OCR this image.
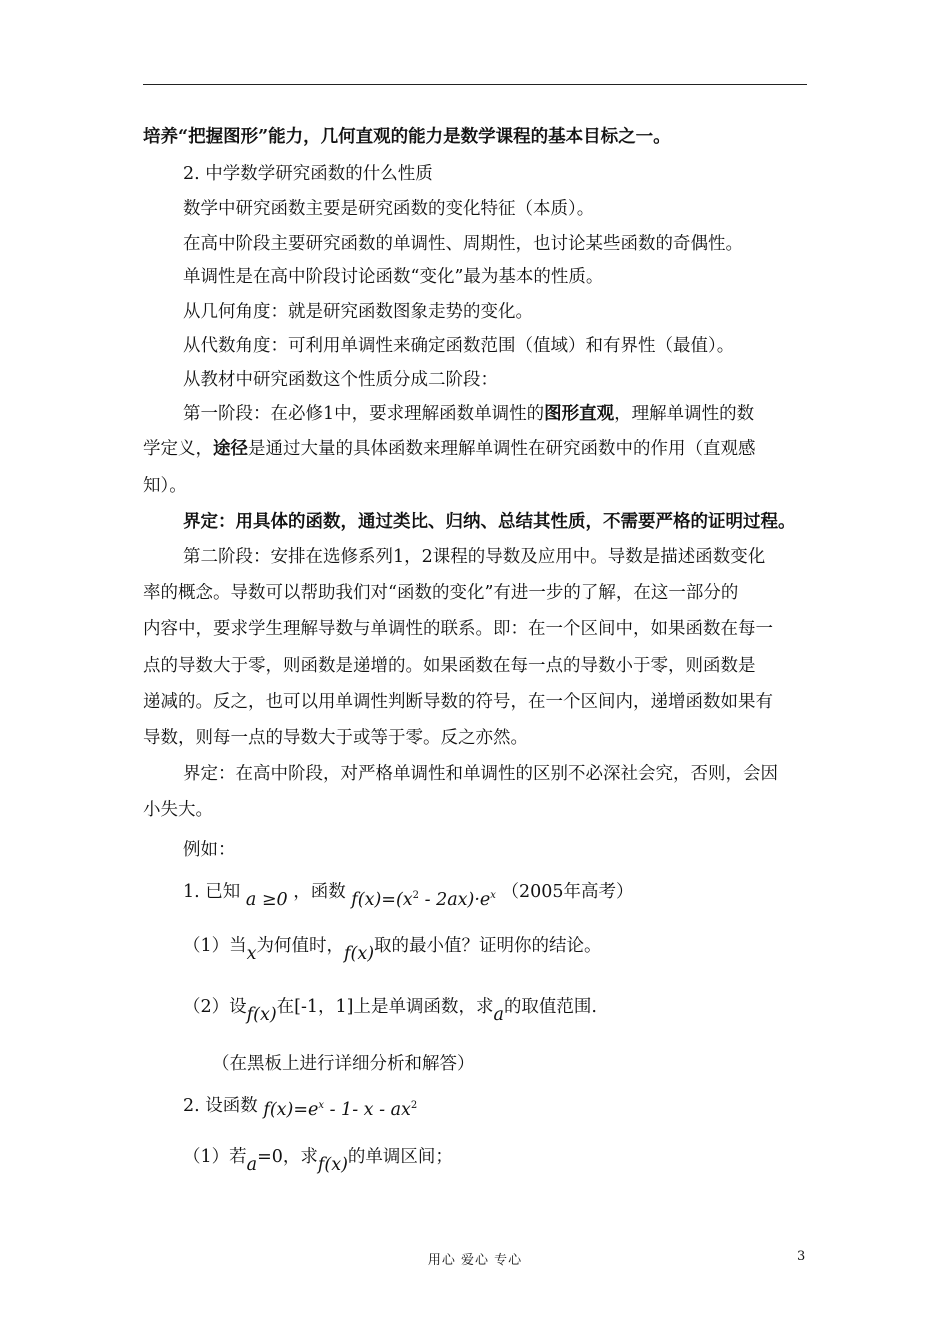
培养“把握图形”能力，几何直观的能力是数学课程的基本目标之一。
2. 中学数学研究函数的什么性质
数学中研究函数主要是研究函数的变化特征（本质）。
在高中阶段主要研究函数的单调性、周期性，也讨论某些函数的奇偶性。
单调性是在高中阶段讨论函数“变化”最为基本的性质。
从几何角度：就是研究函数图象走势的变化。
从代数角度：可利用单调性来确定函数范围（值域）和有界性（最值）。
从教材中研究函数这个性质分成二阶段：
第一阶段：在必修1中，要求理解函数单调性的图形直观，理解单调性的数
学定义，途径是通过大量的具体函数来理解单调性在研究函数中的作用（直观感
知）。
界定：用具体的函数，通过类比、归纳、总结其性质，不需要严格的证明过程。
第二阶段：安排在选修系列1，2课程的导数及应用中。导数是描述函数变化
率的概念。导数可以帮助我们对“函数的变化”有进一步的了解，在这一部分的
内容中，要求学生理解导数与单调性的联系。即：在一个区间中，如果函数在每一
点的导数大于零，则函数是递增的。如果函数在每一点的导数小于零，则函数是
递减的。反之，也可以用单调性判断导数的符号，在一个区间内，递增函数如果有
导数，则每一点的导数大于或等于零。反之亦然。
界定：在高中阶段，对严格单调性和单调性的区别不必深社会究，否则，会因
小失大。
例如：
1. 已知 a ≥0 ，函数 $f(x)=(x^2 - 2ax)\cdot e^x$ （2005年高考）
（1）当x为何值时，f(x)取的最小值？证明你的结论。
（2）设f(x)在[-1，1]上是单调函数，求a的取值范围.
（在黑板上进行详细分析和解答）
2. 设函数 $f(x)=e^x - 1-$ x - $ax^2$
（1）若a=0，求f(x)的单调区间；
用心 爱心 专心	3
